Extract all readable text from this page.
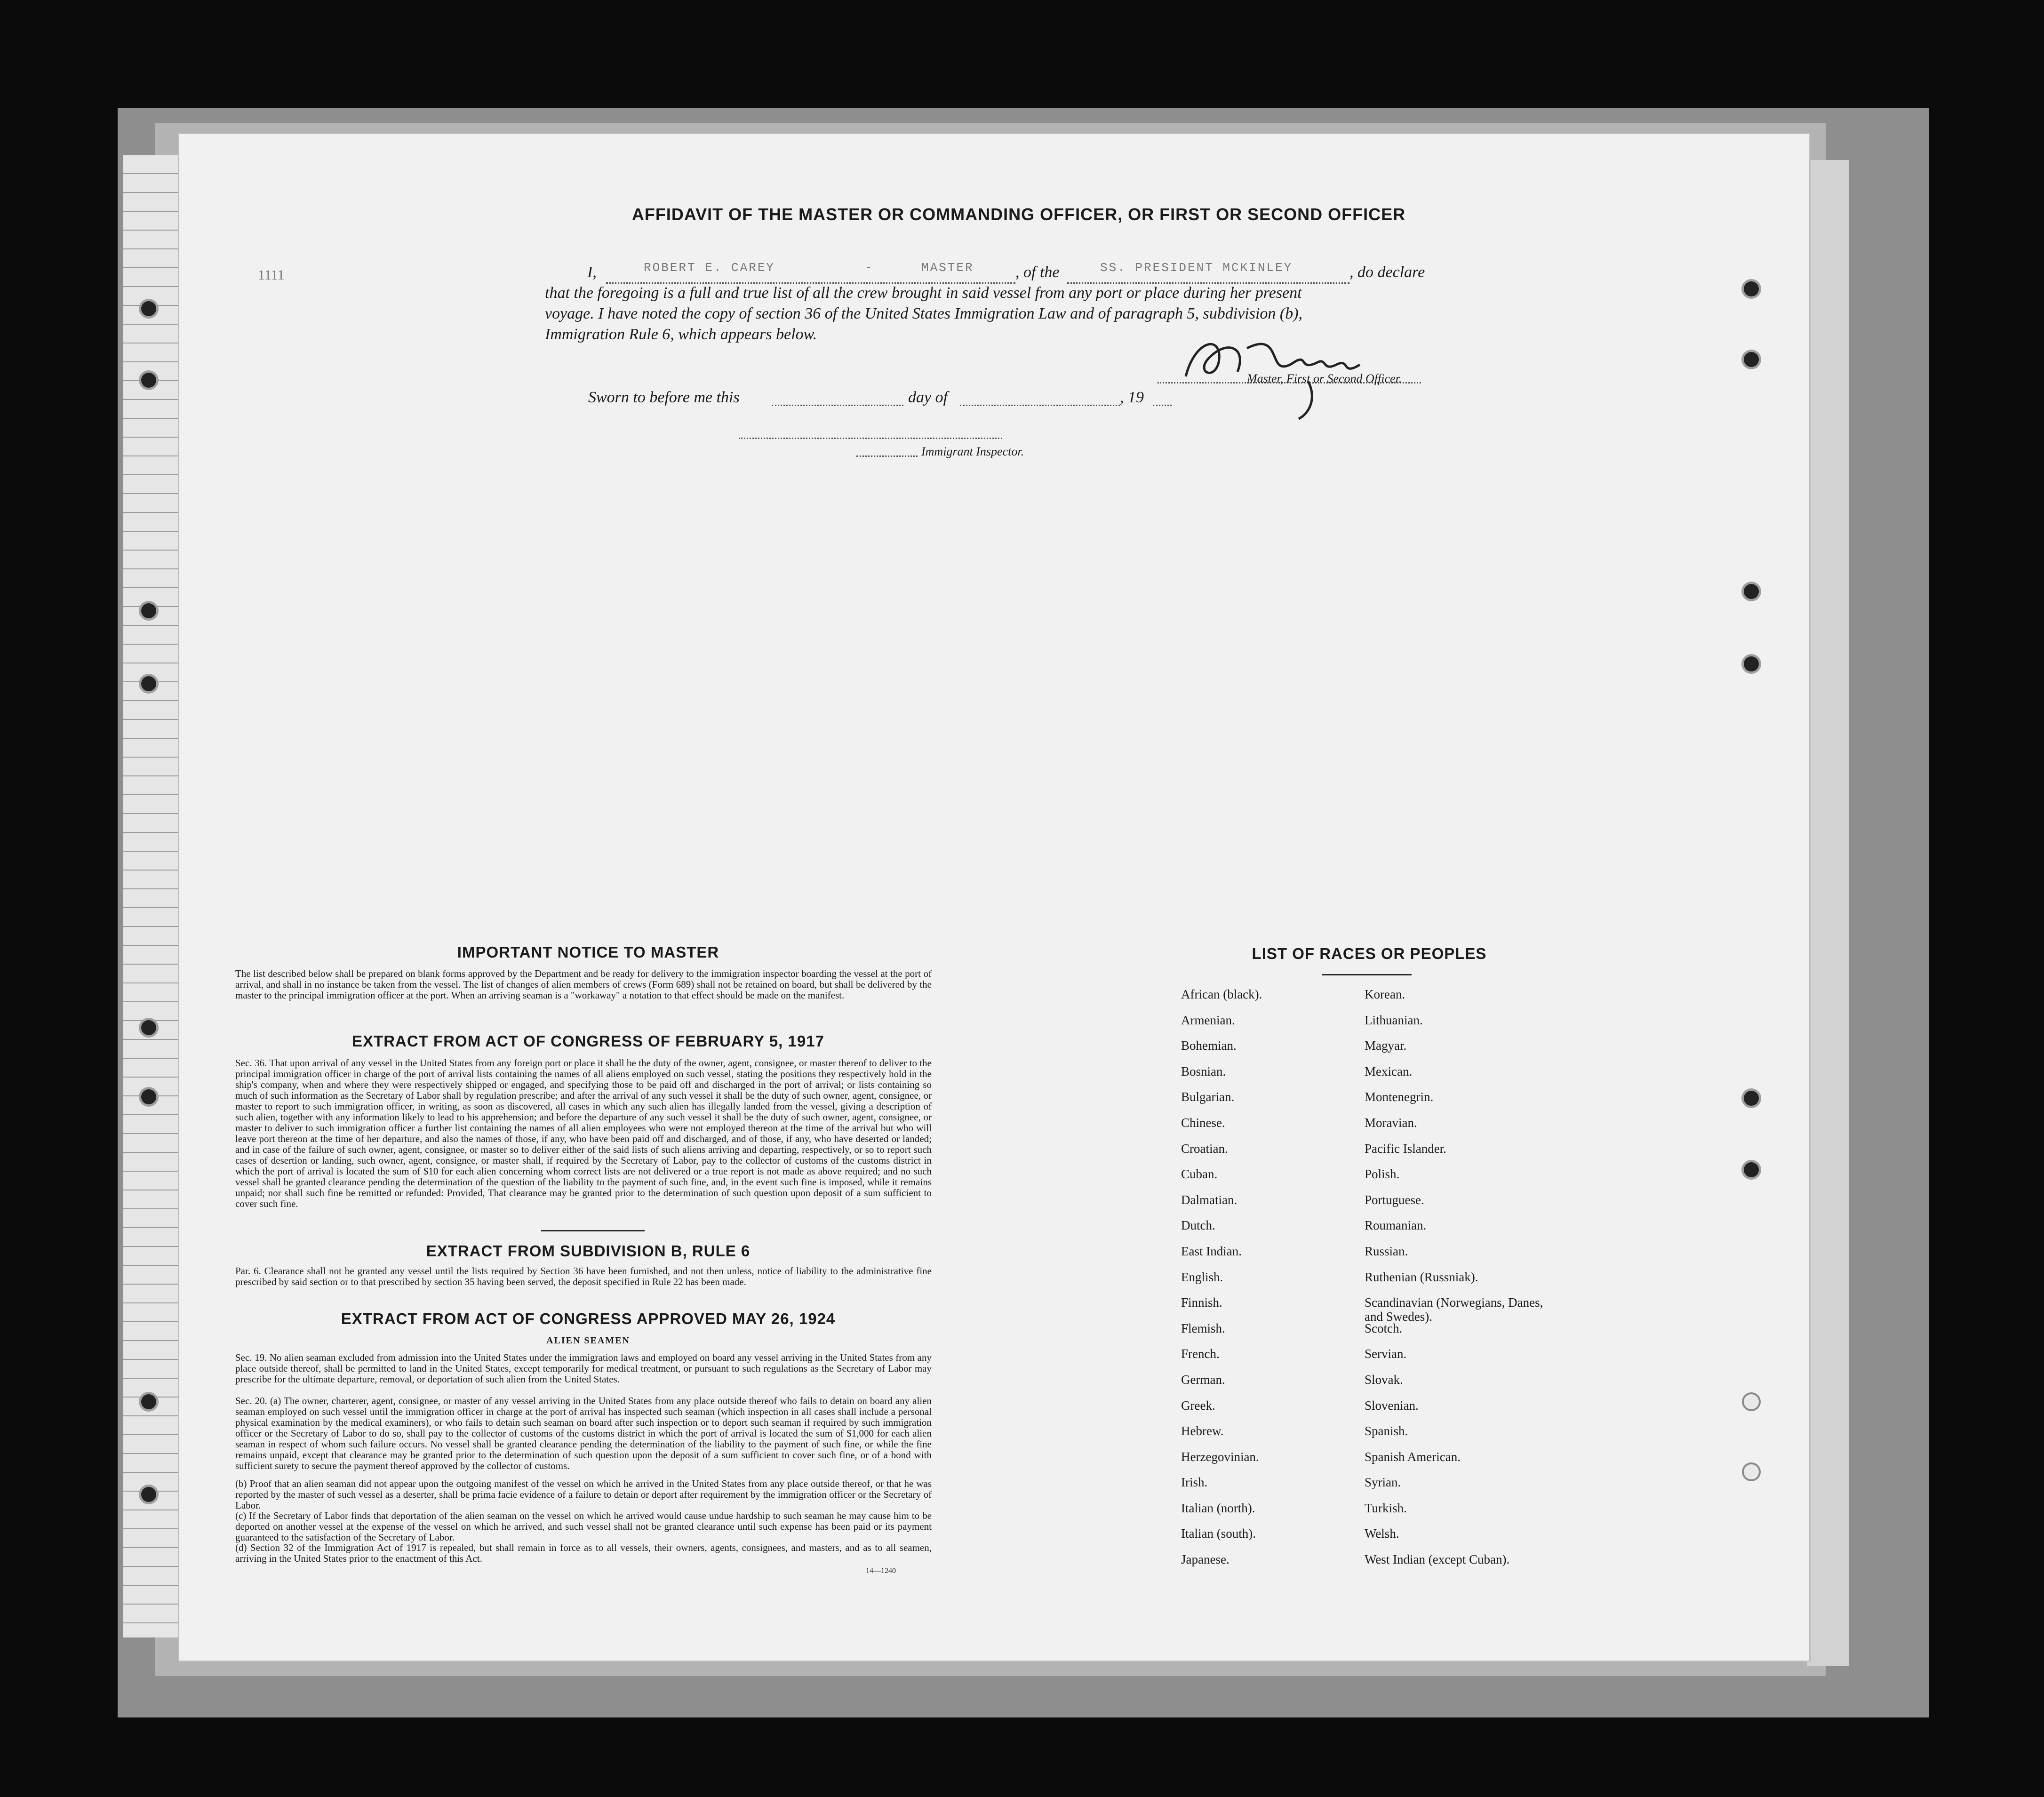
1111
AFFIDAVIT OF THE MASTER OR COMMANDING OFFICER, OR FIRST OR SECOND OFFICER
I,	ROBERT E. CAREY	-	MASTER	, of the	SS. PRESIDENT MCKINLEY	, do declare
that the foregoing is a full and true list of all the crew brought in said vessel from any port or place during her present
voyage. I have noted the copy of section 36 of the United States Immigration Law and of paragraph 5, subdivision (b),
Immigration Rule 6, which appears below.
Master, First or Second Officer.
Sworn to before me this	day of	, 19
Immigrant Inspector.
IMPORTANT NOTICE TO MASTER
The list described below shall be prepared on blank forms approved by the Department and be ready for delivery to the immigration inspector boarding the vessel at the port of arrival, and shall in no instance be taken from the vessel. The list of changes of alien members of crews (Form 689) shall not be retained on board, but shall be delivered by the master to the principal immigration officer at the port. When an arriving seaman is a "workaway" a notation to that effect should be made on the manifest.
EXTRACT FROM ACT OF CONGRESS OF FEBRUARY 5, 1917
Sec. 36. That upon arrival of any vessel in the United States from any foreign port or place it shall be the duty of the owner, agent, consignee, or master thereof to deliver to the principal immigration officer in charge of the port of arrival lists containing the names of all aliens employed on such vessel, stating the positions they respectively hold in the ship's company, when and where they were respectively shipped or engaged, and specifying those to be paid off and discharged in the port of arrival; or lists containing so much of such information as the Secretary of Labor shall by regulation prescribe; and after the arrival of any such vessel it shall be the duty of such owner, agent, consignee, or master to report to such immigration officer, in writing, as soon as discovered, all cases in which any such alien has illegally landed from the vessel, giving a description of such alien, together with any information likely to lead to his apprehension; and before the departure of any such vessel it shall be the duty of such owner, agent, consignee, or master to deliver to such immigration officer a further list containing the names of all alien employees who were not employed thereon at the time of the arrival but who will leave port thereon at the time of her departure, and also the names of those, if any, who have been paid off and discharged, and of those, if any, who have deserted or landed; and in case of the failure of such owner, agent, consignee, or master so to deliver either of the said lists of such aliens arriving and departing, respectively, or so to report such cases of desertion or landing, such owner, agent, consignee, or master shall, if required by the Secretary of Labor, pay to the collector of customs of the customs district in which the port of arrival is located the sum of $10 for each alien concerning whom correct lists are not delivered or a true report is not made as above required; and no such vessel shall be granted clearance pending the determination of the question of the liability to the payment of such fine, and, in the event such fine is imposed, while it remains unpaid; nor shall such fine be remitted or refunded: Provided, That clearance may be granted prior to the determination of such question upon deposit of a sum sufficient to cover such fine.
EXTRACT FROM SUBDIVISION B, RULE 6
Par. 6. Clearance shall not be granted any vessel until the lists required by Section 36 have been furnished, and not then unless, notice of liability to the administrative fine prescribed by said section or to that prescribed by section 35 having been served, the deposit specified in Rule 22 has been made.
EXTRACT FROM ACT OF CONGRESS APPROVED MAY 26, 1924
ALIEN SEAMEN
Sec. 19. No alien seaman excluded from admission into the United States under the immigration laws and employed on board any vessel arriving in the United States from any place outside thereof, shall be permitted to land in the United States, except temporarily for medical treatment, or pursuant to such regulations as the Secretary of Labor may prescribe for the ultimate departure, removal, or deportation of such alien from the United States.
Sec. 20. (a) The owner, charterer, agent, consignee, or master of any vessel arriving in the United States from any place outside thereof who fails to detain on board any alien seaman employed on such vessel until the immigration officer in charge at the port of arrival has inspected such seaman (which inspection in all cases shall include a personal physical examination by the medical examiners), or who fails to detain such seaman on board after such inspection or to deport such seaman if required by such immigration officer or the Secretary of Labor to do so, shall pay to the collector of customs of the customs district in which the port of arrival is located the sum of $1,000 for each alien seaman in respect of whom such failure occurs. No vessel shall be granted clearance pending the determination of the liability to the payment of such fine, or while the fine remains unpaid, except that clearance may be granted prior to the determination of such question upon the deposit of a sum sufficient to cover such fine, or of a bond with sufficient surety to secure the payment thereof approved by the collector of customs.
(b) Proof that an alien seaman did not appear upon the outgoing manifest of the vessel on which he arrived in the United States from any place outside thereof, or that he was reported by the master of such vessel as a deserter, shall be prima facie evidence of a failure to detain or deport after requirement by the immigration officer or the Secretary of Labor.
(c) If the Secretary of Labor finds that deportation of the alien seaman on the vessel on which he arrived would cause undue hardship to such seaman he may cause him to be deported on another vessel at the expense of the vessel on which he arrived, and such vessel shall not be granted clearance until such expense has been paid or its payment guaranteed to the satisfaction of the Secretary of Labor.
(d) Section 32 of the Immigration Act of 1917 is repealed, but shall remain in force as to all vessels, their owners, agents, consignees, and masters, and as to all seamen, arriving in the United States prior to the enactment of this Act.
14—1240
LIST OF RACES OR PEOPLES
African (black).
Armenian.
Bohemian.
Bosnian.
Bulgarian.
Chinese.
Croatian.
Cuban.
Dalmatian.
Dutch.
East Indian.
English.
Finnish.
Flemish.
French.
German.
Greek.
Hebrew.
Herzegovinian.
Irish.
Italian (north).
Italian (south).
Japanese.
Korean.
Lithuanian.
Magyar.
Mexican.
Montenegrin.
Moravian.
Pacific Islander.
Polish.
Portuguese.
Roumanian.
Russian.
Ruthenian (Russniak).
Scandinavian (Norwegians, Danes, and Swedes).
Scotch.
Servian.
Slovak.
Slovenian.
Spanish.
Spanish American.
Syrian.
Turkish.
Welsh.
West Indian (except Cuban).
